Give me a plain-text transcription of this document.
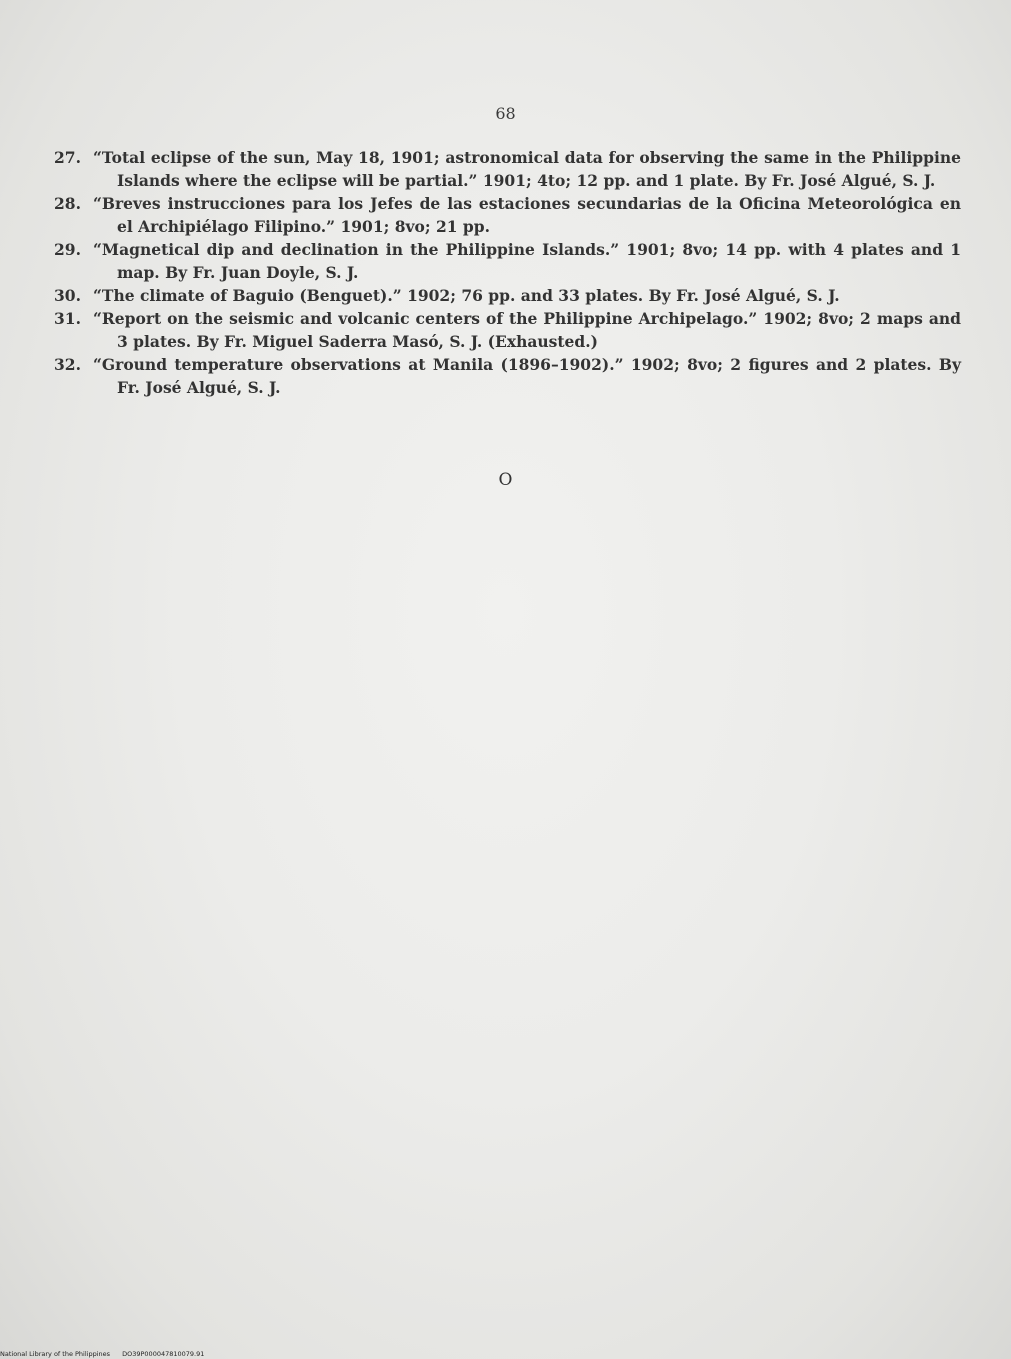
68
27. “Total eclipse of the sun, May 18, 1901; astronomical data for observing the same in the Philippine Islands where the eclipse will be partial.” 1901; 4to; 12 pp. and 1 plate. By Fr. José Algué, S. J.
28. “Breves instrucciones para los Jefes de las estaciones secundarias de la Oficina Meteorológica en el Archipiélago Filipino.” 1901; 8vo; 21 pp.
29. “Magnetical dip and declination in the Philippine Islands.” 1901; 8vo; 14 pp. with 4 plates and 1 map. By Fr. Juan Doyle, S. J.
30. “The climate of Baguio (Benguet).” 1902; 76 pp. and 33 plates. By Fr. José Algué, S. J.
31. “Report on the seismic and volcanic centers of the Philippine Archipelago.” 1902; 8vo; 2 maps and 3 plates. By Fr. Miguel Saderra Masó, S. J. (Exhausted.)
32. “Ground temperature observations at Manila (1896–1902).” 1902; 8vo; 2 figures and 2 plates. By Fr. José Algué, S. J.
O
National Library of the Philippines DO39P000047810079.91
